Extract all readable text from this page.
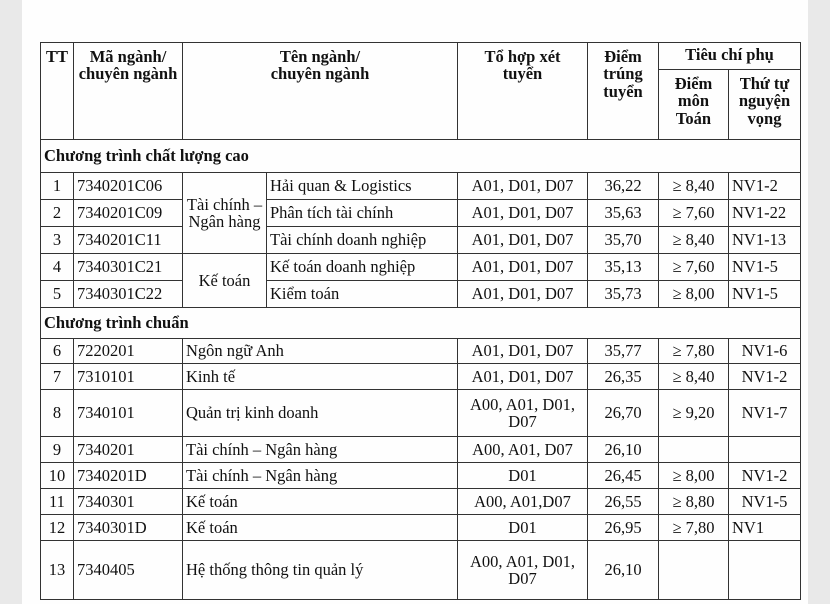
TT	Mã ngành/ chuyên ngành	Tên ngành/ chuyên ngành		Tổ hợp xét tuyển	Điểm trúng tuyển	Tiêu chí phụ	
						Điểm môn Toán	Thứ tự nguyện vọng
Chương trình chất lượng cao							
1	7340201C06	Tài chính – Ngân hàng	Hải quan & Logistics	A01, D01, D07	36,22	≥ 8,40	NV1-2
2	7340201C09		Phân tích tài chính	A01, D01, D07	35,63	≥ 7,60	NV1-22
3	7340201C11		Tài chính doanh nghiệp	A01, D01, D07	35,70	≥ 8,40	NV1-13
4	7340301C21	Kế toán	Kế toán doanh nghiệp	A01, D01, D07	35,13	≥ 7,60	NV1-5
5	7340301C22		Kiểm toán	A01, D01, D07	35,73	≥ 8,00	NV1-5
Chương trình chuẩn							
6	7220201	Ngôn ngữ Anh		A01, D01, D07	35,77	≥ 7,80	NV1-6
7	7310101	Kinh tế		A01, D01, D07	26,35	≥ 8,40	NV1-2
8	7340101	Quản trị kinh doanh		A00, A01, D01, D07	26,70	≥ 9,20	NV1-7
9	7340201	Tài chính – Ngân hàng		A00, A01, D07	26,10		
10	7340201D	Tài chính – Ngân hàng		D01	26,45	≥ 8,00	NV1-2
11	7340301	Kế toán		A00, A01,D07	26,55	≥ 8,80	NV1-5
12	7340301D	Kế toán		D01	26,95	≥ 7,80	NV1
13	7340405	Hệ thống thông tin quản lý		A00, A01, D01, D07	26,10		
